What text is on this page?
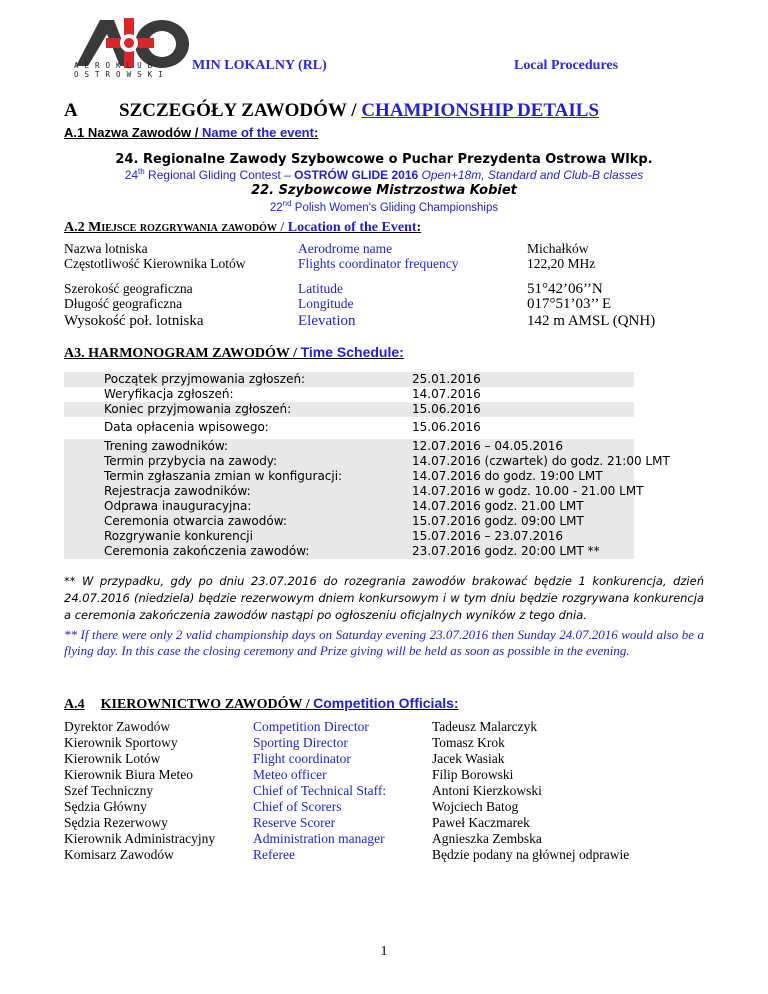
AEROKLUB
OSTROWSKI
MIN LOKALNY (RL)	Local Procedures
A SZCZEGÓŁY ZAWODÓW / CHAMPIONSHIP DETAILS
A.1 Nazwa Zawodów / Name of the event:
24. Regionalne Zawody Szybowcowe o Puchar Prezydenta Ostrowa Wlkp.
24th Regional Gliding Contest – OSTRÓW GLIDE 2016 Open+18m, Standard and Club-B classes
22. Szybowcowe Mistrzostwa Kobiet
22nd Polish Women's Gliding Championships
A.2 Miejsce rozgrywania zawodów / Location of the Event:
Nazwa lotniska	Aerodrome name	Michałków
Częstotliwość Kierownika Lotów	Flights coordinator frequency	122,20 MHz
Szerokość geograficzna	Latitude	51°42’06’’N
Długość geograficzna	Longitude	017°51’03’’ E
Wysokość poł. lotniska	Elevation	142 m AMSL (QNH)
A3. HARMONOGRAM ZAWODÓW / Time Schedule:
Początek przyjmowania zgłoszeń:	25.01.2016
Weryfikacja zgłoszeń:	14.07.2016
Koniec przyjmowania zgłoszeń:	15.06.2016
Data opłacenia wpisowego:	15.06.2016
Trening zawodników:	12.07.2016 – 04.05.2016
Termin przybycia na zawody:	14.07.2016 (czwartek) do godz. 21:00 LMT
Termin zgłaszania zmian w konfiguracji:	14.07.2016 do godz. 19:00 LMT
Rejestracja zawodników:	14.07.2016 w godz. 10.00 - 21.00 LMT
Odprawa inauguracyjna:	14.07.2016 godz. 21.00 LMT
Ceremonia otwarcia zawodów:	15.07.2016 godz. 09:00 LMT
Rozgrywanie konkurencji	15.07.2016 – 23.07.2016
Ceremonia zakończenia zawodów:	23.07.2016 godz. 20:00 LMT **
** W przypadku, gdy po dniu 23.07.2016 do rozegrania zawodów brakować będzie 1 konkurencja, dzień 24.07.2016 (niedziela) będzie rezerwowym dniem konkursowym i w tym dniu będzie rozgrywana konkurencja a ceremonia zakończenia zawodów nastąpi po ogłoszeniu oficjalnych wyników z tego dnia.
** If there were only 2 valid championship days on Saturday evening 23.07.2016 then Sunday 24.07.2016 would also be a flying day. In this case the closing ceremony and Prize giving will be held as soon as possible in the evening.
A.4 KIEROWNICTWO ZAWODÓW / Competition Officials:
Dyrektor Zawodów	Competition Director	Tadeusz Malarczyk
Kierownik Sportowy	Sporting Director	Tomasz Krok
Kierownik Lotów	Flight coordinator	Jacek Wasiak
Kierownik Biura Meteo	Meteo officer	Filip Borowski
Szef Techniczny	Chief of Technical Staff:	Antoni Kierzkowski
Sędzia Główny	Chief of Scorers	Wojciech Batog
Sędzia Rezerwowy	Reserve Scorer	Paweł Kaczmarek
Kierownik Administracyjny	Administration manager	Agnieszka Zembska
Komisarz Zawodów	Referee	Będzie podany na głównej odprawie
1
